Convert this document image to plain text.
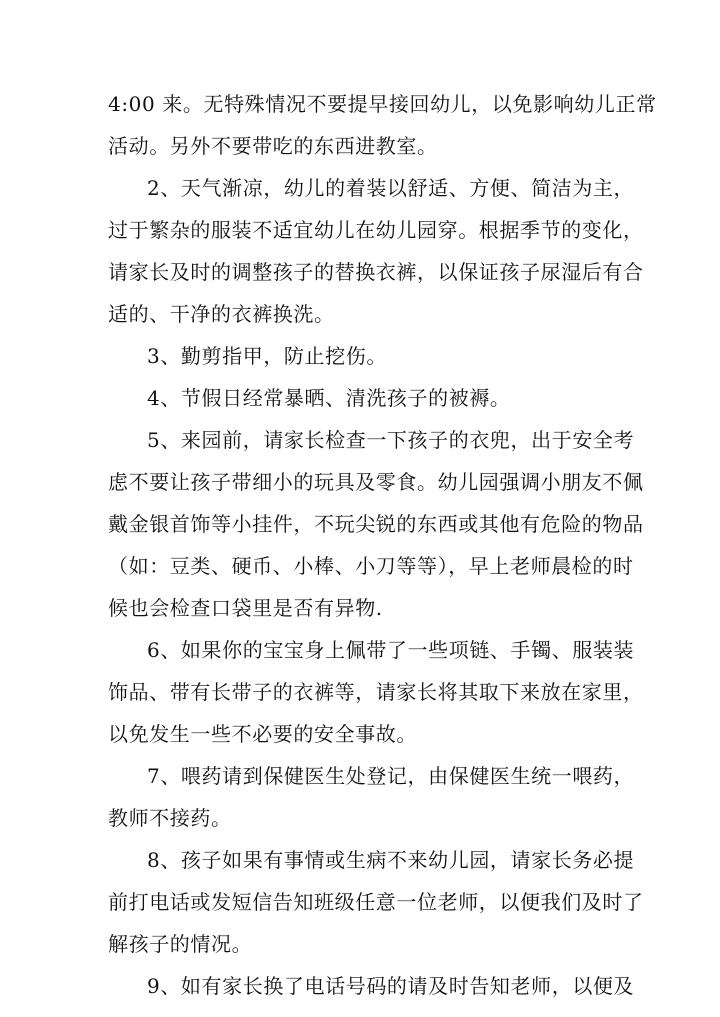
4:00 来。无特殊情况不要提早接回幼儿，以免影响幼儿正常
活动。另外不要带吃的东西进教室。
2、天气渐凉，幼儿的着装以舒适、方便、简洁为主，
过于繁杂的服装不适宜幼儿在幼儿园穿。根据季节的变化，
请家长及时的调整孩子的替换衣裤，以保证孩子尿湿后有合
适的、干净的衣裤换洗。
3、勤剪指甲，防止挖伤。
4、节假日经常暴晒、清洗孩子的被褥。
5、来园前，请家长检查一下孩子的衣兜，出于安全考
虑不要让孩子带细小的玩具及零食。幼儿园强调小朋友不佩
戴金银首饰等小挂件，不玩尖锐的东西或其他有危险的物品
（如：豆类、硬币、小棒、小刀等等），早上老师晨检的时
候也会检查口袋里是否有异物.
6、如果你的宝宝身上佩带了一些项链、手镯、服装装
饰品、带有长带子的衣裤等，请家长将其取下来放在家里，
以免发生一些不必要的安全事故。
7、喂药请到保健医生处登记，由保健医生统一喂药，
教师不接药。
8、孩子如果有事情或生病不来幼儿园，请家长务必提
前打电话或发短信告知班级任意一位老师，以便我们及时了
解孩子的情况。
9、如有家长换了电话号码的请及时告知老师，以便及
